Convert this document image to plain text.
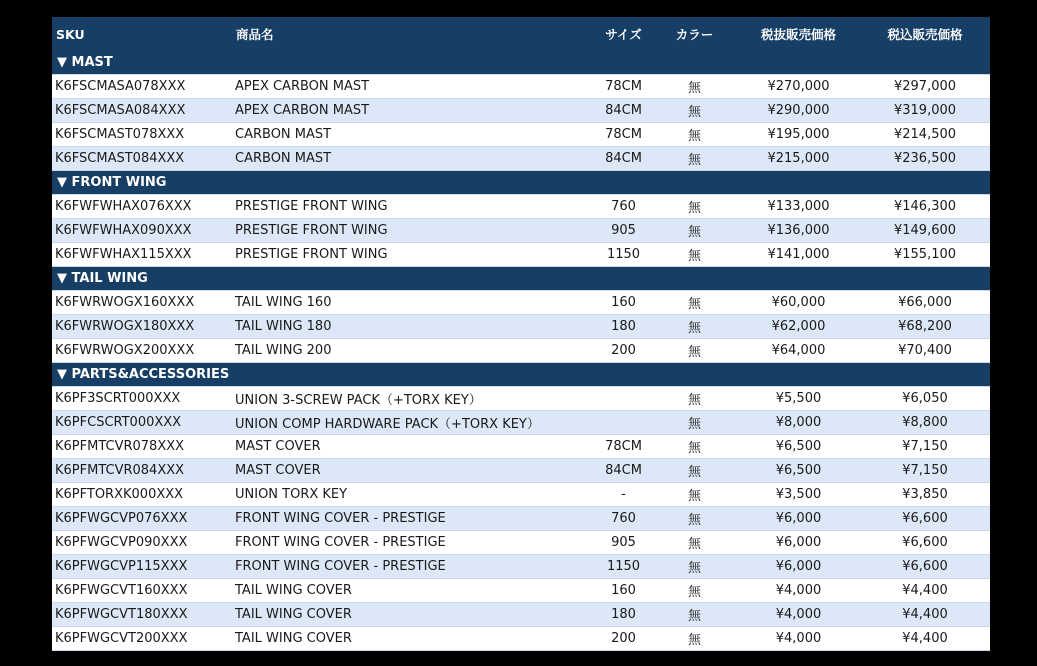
SKU	商品名	サイズ	カラー	税抜販売価格	税込販売価格
▼ MAST					
K6FSCMASA078XXX	APEX CARBON MAST	78CM	無	¥270,000	¥297,000
K6FSCMASA084XXX	APEX CARBON MAST	84CM	無	¥290,000	¥319,000
K6FSCMAST078XXX	CARBON MAST	78CM	無	¥195,000	¥214,500
K6FSCMAST084XXX	CARBON MAST	84CM	無	¥215,000	¥236,500
▼ FRONT WING					
K6FWFWHAX076XXX	PRESTIGE FRONT WING	760	無	¥133,000	¥146,300
K6FWFWHAX090XXX	PRESTIGE FRONT WING	905	無	¥136,000	¥149,600
K6FWFWHAX115XXX	PRESTIGE FRONT WING	1150	無	¥141,000	¥155,100
▼ TAIL WING					
K6FWRWOGX160XXX	TAIL WING 160	160	無	¥60,000	¥66,000
K6FWRWOGX180XXX	TAIL WING 180	180	無	¥62,000	¥68,200
K6FWRWOGX200XXX	TAIL WING 200	200	無	¥64,000	¥70,400
▼ PARTS&ACCESSORIES					
K6PF3SCRT000XXX	UNION 3-SCREW PACK（+TORX KEY）		無	¥5,500	¥6,050
K6PFCSCRT000XXX	UNION COMP HARDWARE PACK（+TORX KEY）		無	¥8,000	¥8,800
K6PFMTCVR078XXX	MAST COVER	78CM	無	¥6,500	¥7,150
K6PFMTCVR084XXX	MAST COVER	84CM	無	¥6,500	¥7,150
K6PFTORXK000XXX	UNION TORX KEY	-	無	¥3,500	¥3,850
K6PFWGCVP076XXX	FRONT WING COVER - PRESTIGE	760	無	¥6,000	¥6,600
K6PFWGCVP090XXX	FRONT WING COVER - PRESTIGE	905	無	¥6,000	¥6,600
K6PFWGCVP115XXX	FRONT WING COVER - PRESTIGE	1150	無	¥6,000	¥6,600
K6PFWGCVT160XXX	TAIL WING COVER	160	無	¥4,000	¥4,400
K6PFWGCVT180XXX	TAIL WING COVER	180	無	¥4,000	¥4,400
K6PFWGCVT200XXX	TAIL WING COVER	200	無	¥4,000	¥4,400
